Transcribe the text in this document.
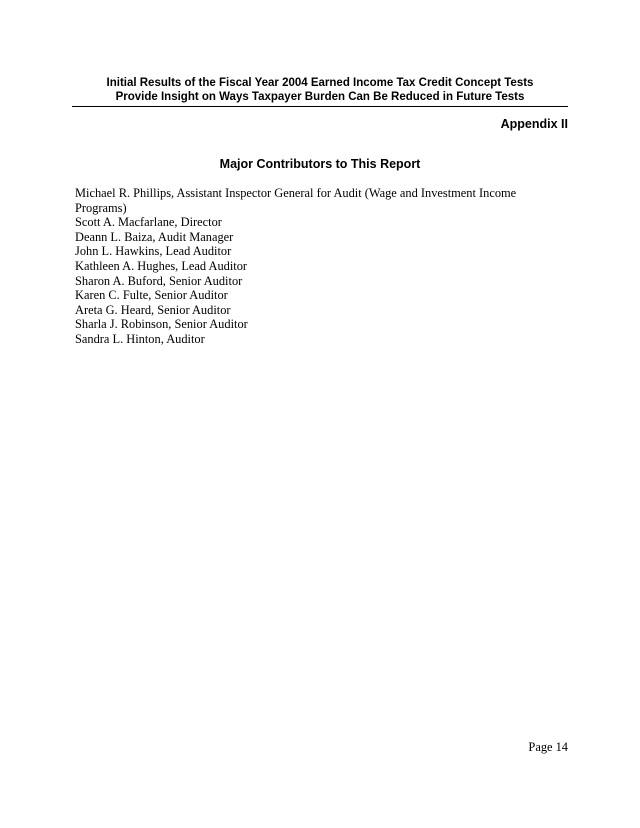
Initial Results of the Fiscal Year 2004 Earned Income Tax Credit Concept Tests
Provide Insight on Ways Taxpayer Burden Can Be Reduced in Future Tests
Appendix II
Major Contributors to This Report
Michael R. Phillips, Assistant Inspector General for Audit (Wage and Investment Income Programs)
Scott A. Macfarlane, Director
Deann L. Baiza, Audit Manager
John L. Hawkins, Lead Auditor
Kathleen A. Hughes, Lead Auditor
Sharon A. Buford, Senior Auditor
Karen C. Fulte, Senior Auditor
Areta G. Heard, Senior Auditor
Sharla J. Robinson, Senior Auditor
Sandra L. Hinton, Auditor
Page 14
